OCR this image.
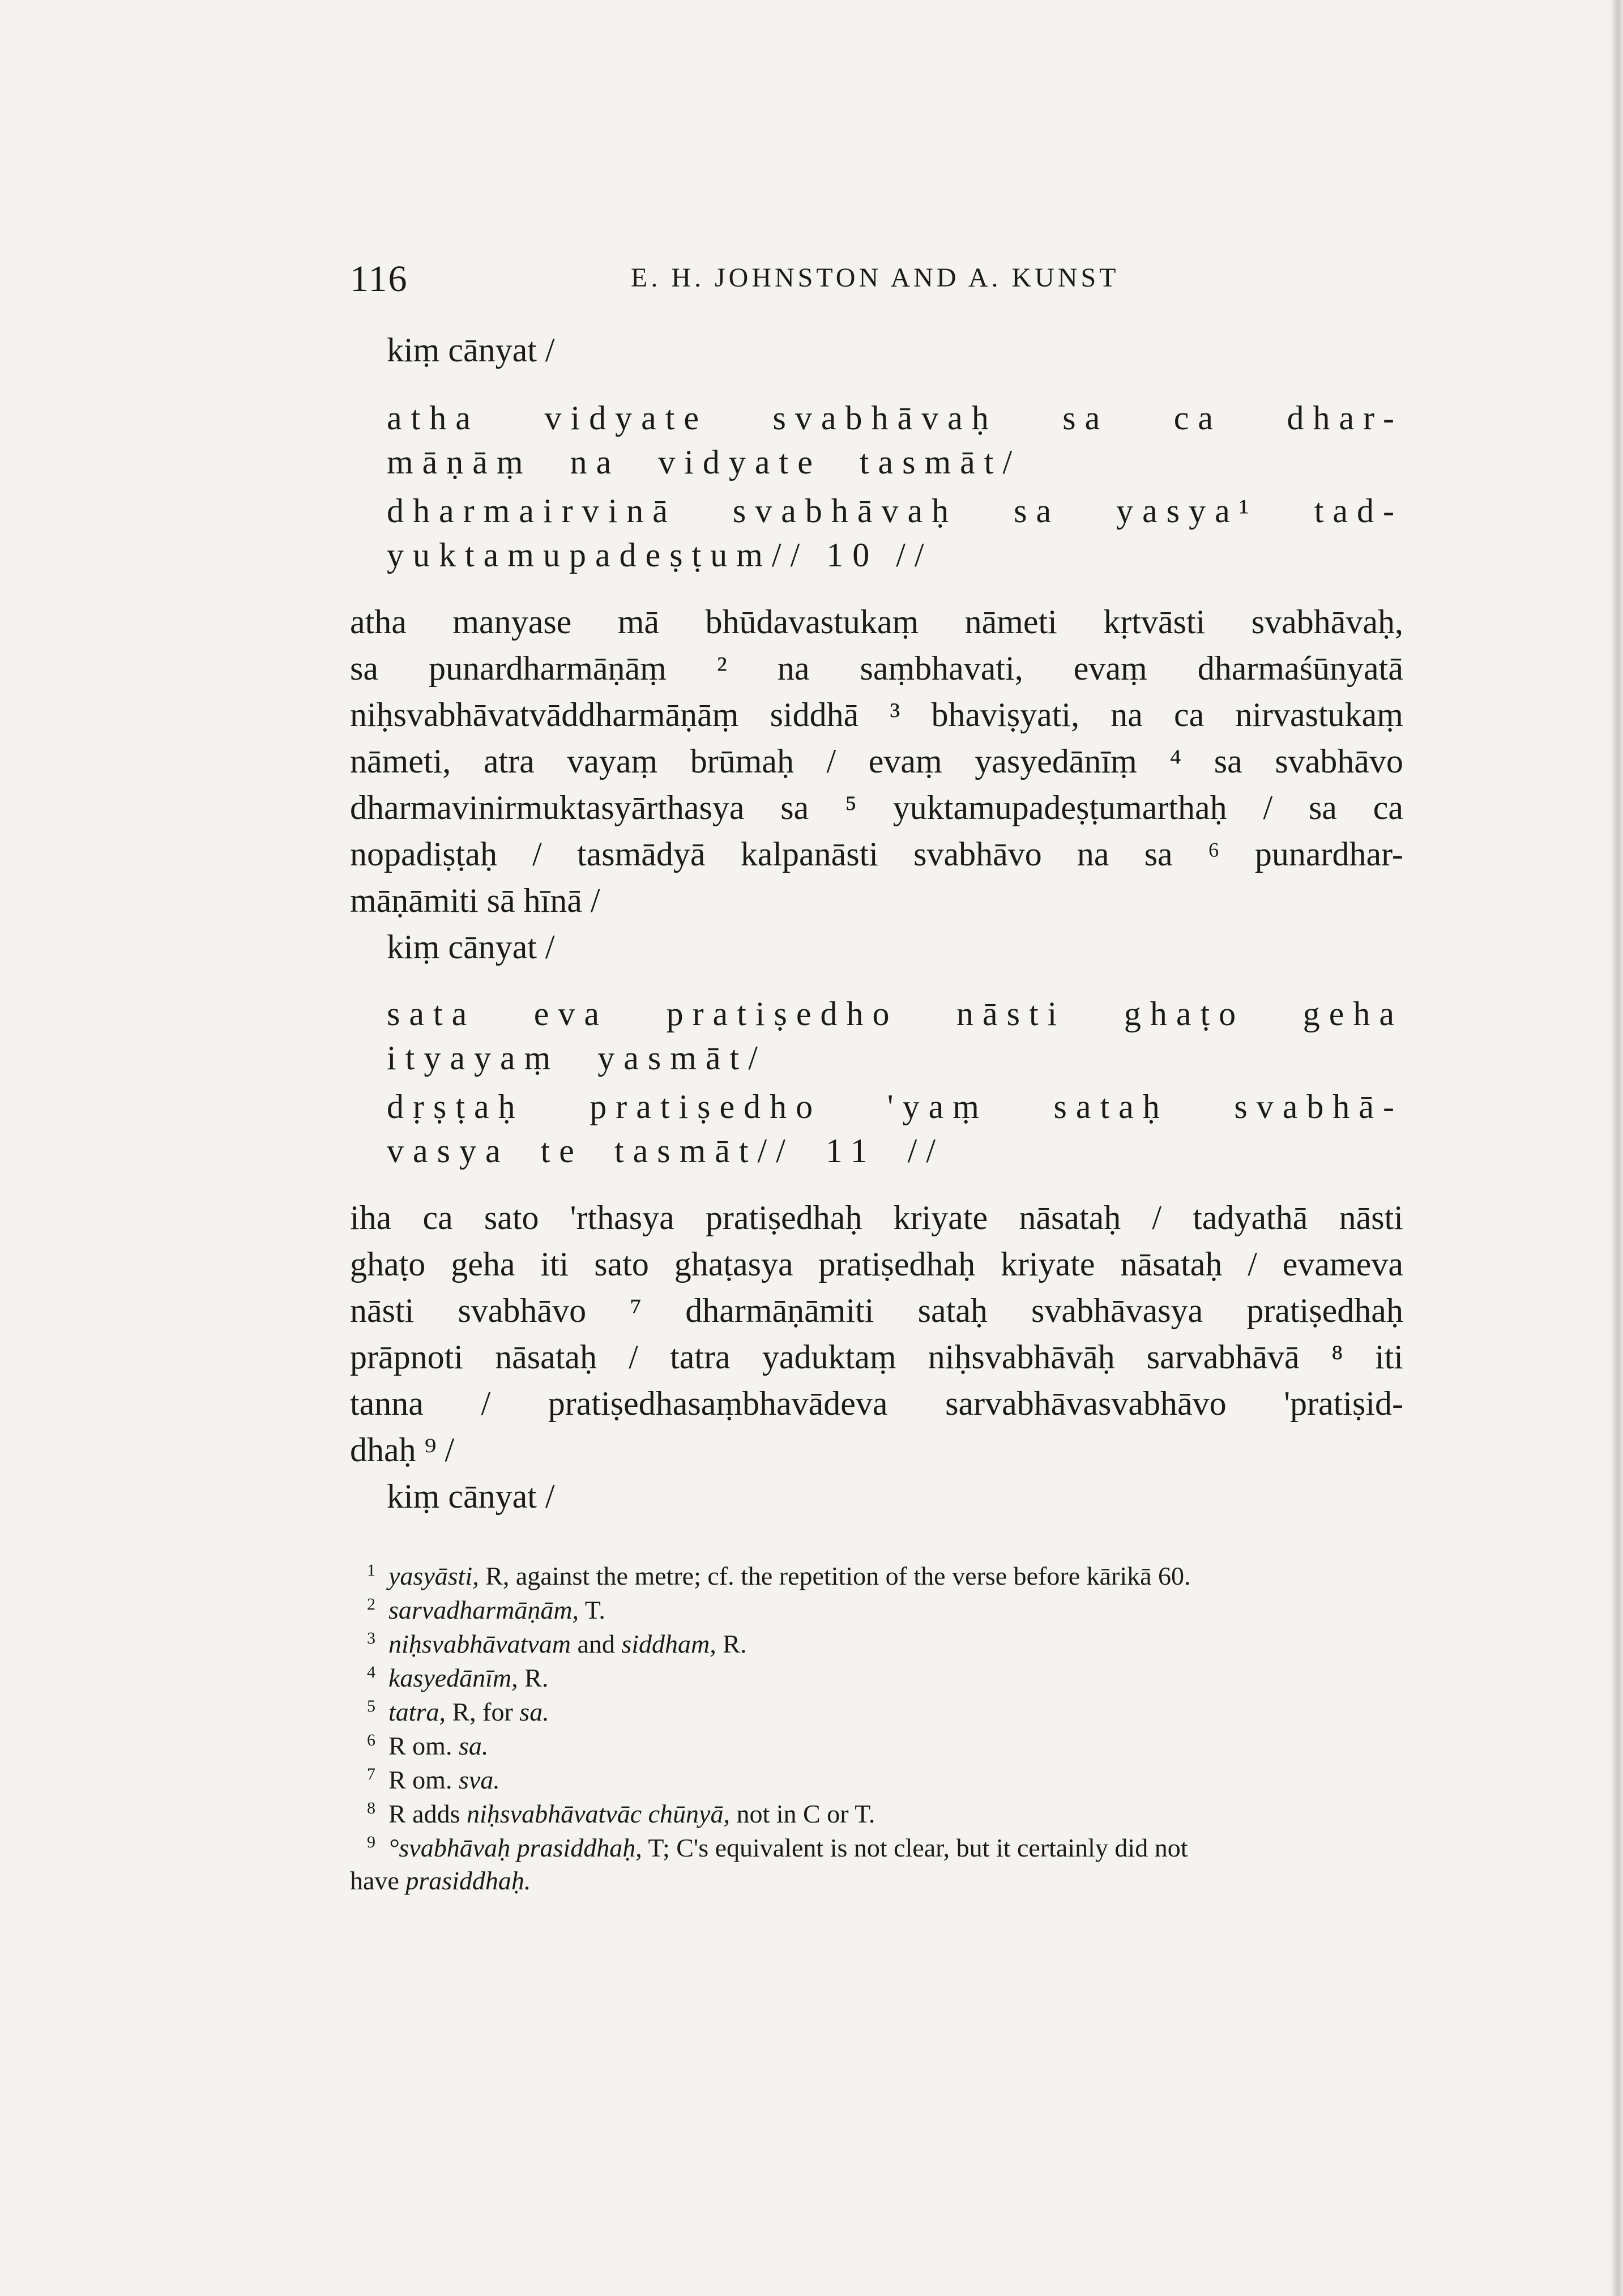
116	E. H. JOHNSTON AND A. KUNST
kiṃ cānyat /
atha vidyate svabhāvaḥ sa ca dhar-
māṇāṃ na vidyate tasmāt/
dharmairvinā svabhāvaḥ sa yasya¹ tad-
yuktamupadeṣṭum// 10 //
atha manyase mā bhūdavastukaṃ nāmeti kṛtvāsti svabhāvaḥ,
sa punardharmāṇāṃ ² na saṃbhavati, evaṃ dharmaśūnyatā
niḥsvabhāvatvāddharmāṇāṃ siddhā ³ bhaviṣyati, na ca nirvastukaṃ
nāmeti, atra vayaṃ brūmaḥ / evaṃ yasyedānīṃ ⁴ sa svabhāvo
dharmavinirmuktasyārthasya sa ⁵ yuktamupadeṣṭumarthaḥ / sa ca
nopadiṣṭaḥ / tasmādyā kalpanāsti svabhāvo na sa ⁶ punardhar-
māṇāmiti sā hīnā /
kiṃ cānyat /
sata eva pratiṣedho nāsti ghaṭo geha
ityayaṃ yasmāt/
dṛṣṭaḥ pratiṣedho 'yaṃ sataḥ svabhā-
vasya te tasmāt// 11 //
iha ca sato 'rthasya pratiṣedhaḥ kriyate nāsataḥ / tadyathā nāsti
ghaṭo geha iti sato ghaṭasya pratiṣedhaḥ kriyate nāsataḥ / evameva
nāsti svabhāvo ⁷ dharmāṇāmiti sataḥ svabhāvasya pratiṣedhaḥ
prāpnoti nāsataḥ / tatra yaduktaṃ niḥsvabhāvāḥ sarvabhāvā ⁸ iti
tanna / pratiṣedhasaṃbhavādeva sarvabhāvasvabhāvo 'pratiṣid-
dhaḥ ⁹ /
kiṃ cānyat /
1 yasyāsti, R, against the metre; cf. the repetition of the verse before kārikā 60.
2 sarvadharmāṇām, T.
3 niḥsvabhāvatvam and siddham, R.
4 kasyedānīm, R.
5 tatra, R, for sa.
6 R om. sa.
7 R om. sva.
8 R adds niḥsvabhāvatvāc chūnyā, not in C or T.
9 °svabhāvaḥ prasiddhaḥ, T; C's equivalent is not clear, but it certainly did not
have prasiddhaḥ.
